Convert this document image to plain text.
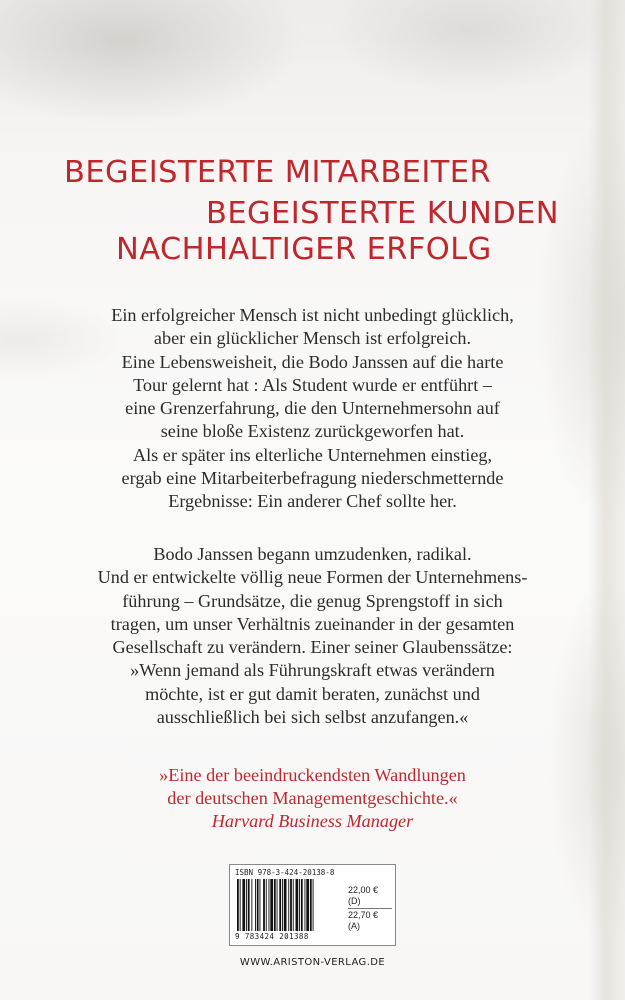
BEGEISTERTE MITARBEITER
BEGEISTERTE KUNDEN
NACHHALTIGER ERFOLG
Ein erfolgreicher Mensch ist nicht unbedingt glücklich,
aber ein glücklicher Mensch ist erfolgreich.
Eine Lebensweisheit, die Bodo Janssen auf die harte
Tour gelernt hat : Als Student wurde er entführt –
eine Grenzerfahrung, die den Unternehmersohn auf
seine bloße Existenz zurückgeworfen hat.
Als er später ins elterliche Unternehmen einstieg,
ergab eine Mitarbeiterbefragung niederschmetternde
Ergebnisse: Ein anderer Chef sollte her.
Bodo Janssen begann umzudenken, radikal.
Und er entwickelte völlig neue Formen der Unternehmens-
führung – Grundsätze, die genug Sprengstoff in sich
tragen, um unser Verhältnis zueinander in der gesamten
Gesellschaft zu verändern. Einer seiner Glaubenssätze:
»Wenn jemand als Führungskraft etwas verändern
möchte, ist er gut damit beraten, zunächst und
ausschließlich bei sich selbst anzufangen.«
»Eine der beeindruckendsten Wandlungen
der deutschen Managementgeschichte.«
Harvard Business Manager
ISBN 978-3-424-20138-8
9 783424 201388
22,00 € (D)
22,70 € (A)
WWW.ARISTON-VERLAG.DE
